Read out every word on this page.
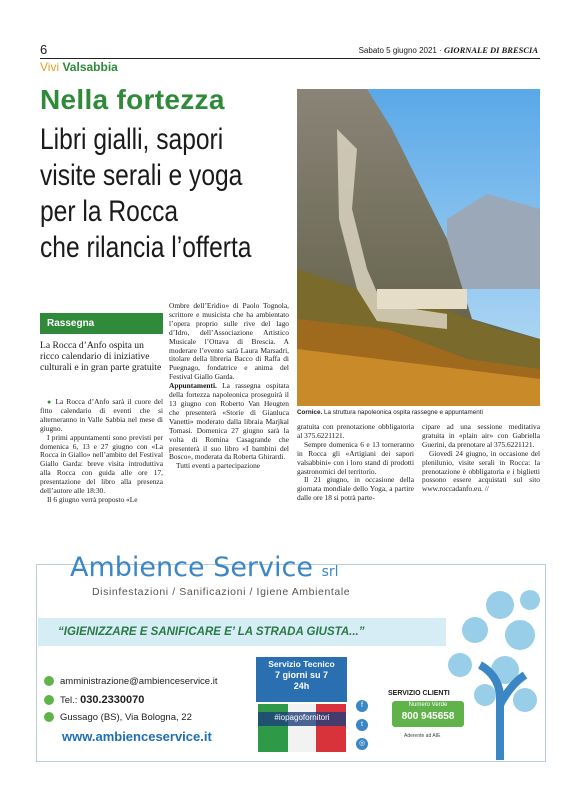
6	Sabato 5 giugno 2021 · GIORNALE DI BRESCIA
Vivi Valsabbia
Nella fortezza
Libri gialli, sapori
visite serali e yoga
per la Rocca
che rilancia l’offerta
Cornice. La struttura napoleonica ospita rassegne e appuntamenti
Rassegna
La Rocca d’Anfo ospita un ricco calendario di iniziative culturali e in gran parte gratuite

● La Rocca d’Anfo sarà il cuore del fitto calendario di eventi che si alterneranno in Valle Sabbia nel mese di giugno.

I primi appuntamenti sono previsti per domenica 6, 13 e 27 giugno con «La Rocca in Giallo» nell’ambito del Festival Giallo Garda: breve visita introduttiva alla Rocca con guida alle ore 17, presentazione del libro alla presenza dell’autore alle 18:30.

Il 6 giugno verrà proposto «Le

Ombre dell’Eridio» di Paolo Tognola, scrittore e musicista che ha ambientato l’opera proprio sulle rive del lago d’Idro, dell’Associazione Artistico Musicale l’Ottava di Brescia. A moderare l’evento sarà Laura Marsadri, titolare della libreria Bacco di Raffa di Puegnago, fondatrice e anima del Festival Giallo Garda.

Appuntamenti. La rassegna ospitata della fortezza napoleonica proseguirà il 13 giugno con Roberto Van Heugten che presenterà «Storie di Gianluca Vanetti» moderato dalla libraia Marjkal Tomasi. Domenica 27 giugno sarà la volta di Romina Casagrande che presenterà il suo libro «I bambini del Bosco», moderata da Roberta Ghirardi.

Tutti eventi a partecipazione

gratuita con prenotazione obbligatoria al 375.6221121.

Sempre domenica 6 e 13 torneranno in Rocca gli «Artigiani dei sapori valsabbini» con i loro stand di prodotti gastronomici del territorio.

Il 21 giugno, in occasione della giornata mondiale dello Yoga, a partire dalle ore 18 si potrà parte-

cipare ad una sessione meditativa gratuita in «plain air» con Gabriella Guerini, da prenotare al 375.6221121.

Giovedì 24 giugno, in occasione del plenilunio, visite serali in Rocca: la prenotazione è obbligatoria e i biglietti possono essere acquistati sul sito www.roccadanfo.eu. //

Ambience Service srl
Disinfestazioni / Sanificazioni / Igiene Ambientale
“IGIENIZZARE E SANIFICARE E’ LA STRADA GIUSTA...”
amministrazione@ambienceservice.it
Tel.: 030.2330070
Gussago (BS), Via Bologna, 22
www.ambienceservice.it
Servizio Tecnico
7 giorni su 7
24h
#iopagofornitori
f
t
◎
SERVIZIO CLIENTI
Numero Verde
800 945658
Aderente ad AIE
